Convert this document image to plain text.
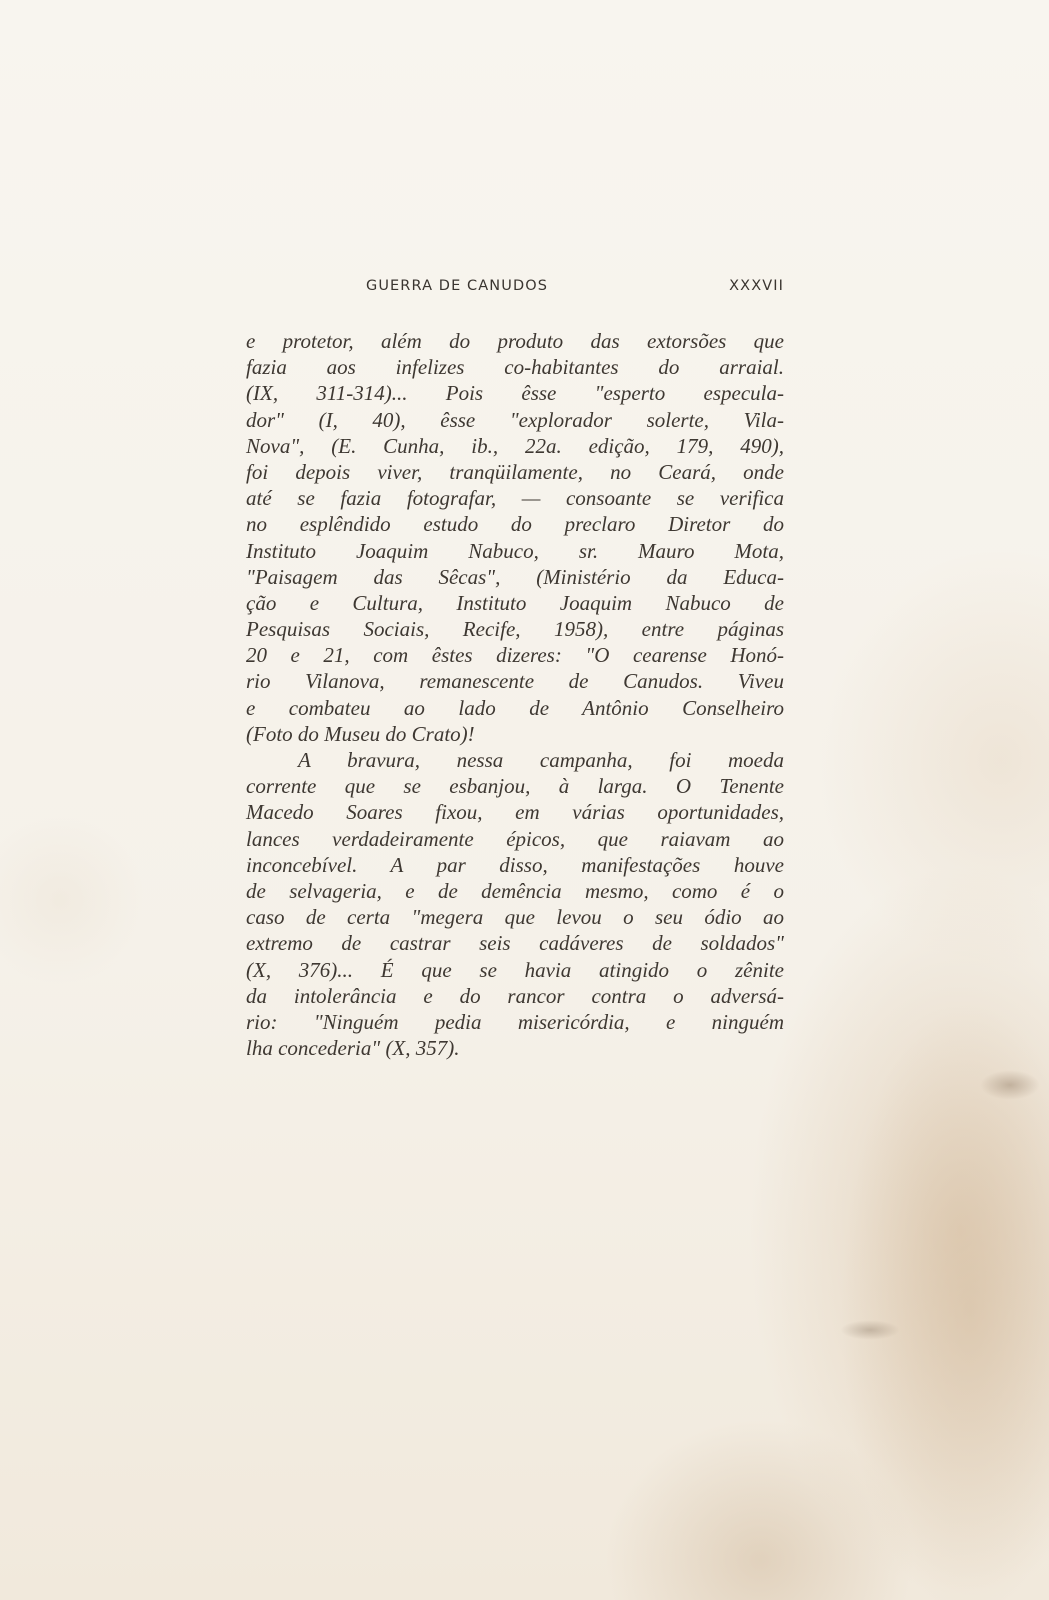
GUERRA DE CANUDOS	XXXVII
e protetor, além do produto das extorsões que
fazia aos infelizes co-habitantes do arraial.
(IX, 311-314)... Pois êsse "esperto especula-
dor" (I, 40), êsse "explorador solerte, Vila-
Nova", (E. Cunha, ib., 22a. edição, 179, 490),
foi depois viver, tranqüilamente, no Ceará, onde
até se fazia fotografar, — consoante se verifica
no esplêndido estudo do preclaro Diretor do
Instituto Joaquim Nabuco, sr. Mauro Mota,
"Paisagem das Sêcas", (Ministério da Educa-
ção e Cultura, Instituto Joaquim Nabuco de
Pesquisas Sociais, Recife, 1958), entre páginas
20 e 21, com êstes dizeres: "O cearense Honó-
rio Vilanova, remanescente de Canudos. Viveu
e combateu ao lado de Antônio Conselheiro
(Foto do Museu do Crato)!
A bravura, nessa campanha, foi moeda
corrente que se esbanjou, à larga. O Tenente
Macedo Soares fixou, em várias oportunidades,
lances verdadeiramente épicos, que raiavam ao
inconcebível. A par disso, manifestações houve
de selvageria, e de demência mesmo, como é o
caso de certa "megera que levou o seu ódio ao
extremo de castrar seis cadáveres de soldados"
(X, 376)... É que se havia atingido o zênite
da intolerância e do rancor contra o adversá-
rio: "Ninguém pedia misericórdia, e ninguém
lha concederia" (X, 357).
